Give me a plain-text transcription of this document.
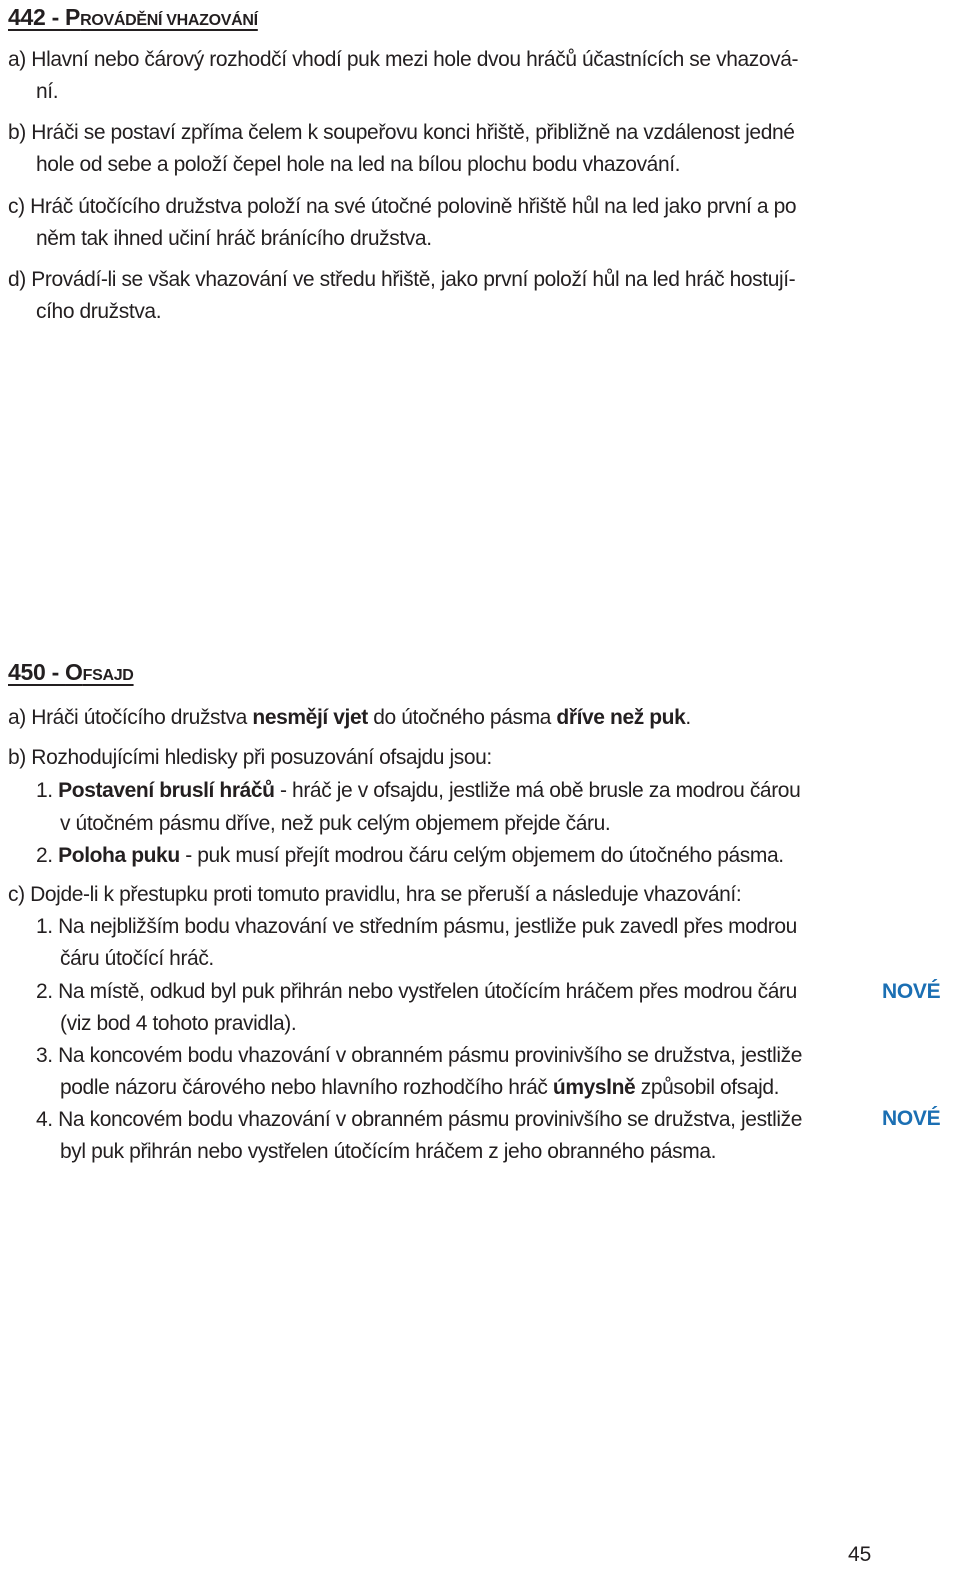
442 - PROVÁDĚNÍ VHAZOVÁNÍ
a) Hlavní nebo čárový rozhodčí vhodí puk mezi hole dvou hráčů účastnících se vhazová-
ní.
b) Hráči se postaví zpříma čelem k soupeřovu konci hřiště, přibližně na vzdálenost jedné
hole od sebe a položí čepel hole na led na bílou plochu bodu vhazování.
c) Hráč útočícího družstva položí na své útočné polovině hřiště hůl na led jako první a po
něm tak ihned učiní hráč bránícího družstva.
d) Provádí-li se však vhazování ve středu hřiště, jako první položí hůl na led hráč hostují-
cího družstva.
450 - OFSAJD
a) Hráči útočícího družstva nesmějí vjet do útočného pásma dříve než puk.
b) Rozhodujícími hledisky při posuzování ofsajdu jsou:
1. Postavení bruslí hráčů - hráč je v ofsajdu, jestliže má obě brusle za modrou čárou
v útočném pásmu dříve, než puk celým objemem přejde čáru.
2. Poloha puku - puk musí přejít modrou čáru celým objemem do útočného pásma.
c) Dojde-li k přestupku proti tomuto pravidlu, hra se přeruší a následuje vhazování:
1. Na nejbližším bodu vhazování ve středním pásmu, jestliže puk zavedl přes modrou
čáru útočící hráč.
2. Na místě, odkud byl puk přihrán nebo vystřelen útočícím hráčem přes modrou čáru
(viz bod 4 tohoto pravidla).
3. Na koncovém bodu vhazování v obranném pásmu provinivšího se družstva, jestliže
podle názoru čárového nebo hlavního rozhodčího hráč úmyslně způsobil ofsajd.
4. Na koncovém bodu vhazování v obranném pásmu provinivšího se družstva, jestliže
byl puk přihrán nebo vystřelen útočícím hráčem z jeho obranného pásma.
NOVÉ
NOVÉ
45
